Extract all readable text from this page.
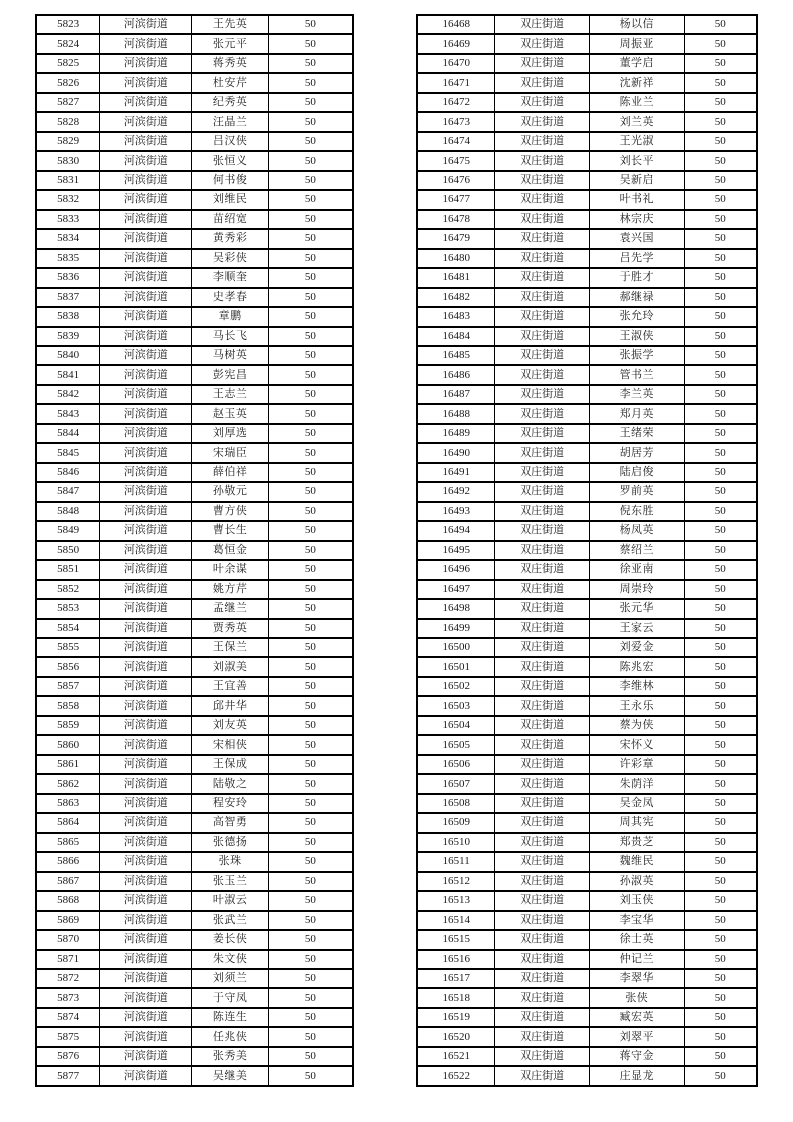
5823	河滨街道	王先英	50
5824	河滨街道	张元平	50
5825	河滨街道	蒋秀英	50
5826	河滨街道	杜安芹	50
5827	河滨街道	纪秀英	50
5828	河滨街道	汪晶兰	50
5829	河滨街道	吕汉侠	50
5830	河滨街道	张恒义	50
5831	河滨街道	何书俊	50
5832	河滨街道	刘维民	50
5833	河滨街道	苗绍宽	50
5834	河滨街道	黄秀彩	50
5835	河滨街道	吴彩侠	50
5836	河滨街道	李顺奎	50
5837	河滨街道	史孝春	50
5838	河滨街道	章鹏	50
5839	河滨街道	马长飞	50
5840	河滨街道	马树英	50
5841	河滨街道	彭宪昌	50
5842	河滨街道	王志兰	50
5843	河滨街道	赵玉英	50
5844	河滨街道	刘厚选	50
5845	河滨街道	宋瑞臣	50
5846	河滨街道	薛伯祥	50
5847	河滨街道	孙敬元	50
5848	河滨街道	曹方侠	50
5849	河滨街道	曹长生	50
5850	河滨街道	葛恒金	50
5851	河滨街道	叶余谋	50
5852	河滨街道	姚方芹	50
5853	河滨街道	孟继兰	50
5854	河滨街道	贾秀英	50
5855	河滨街道	王保兰	50
5856	河滨街道	刘淑美	50
5857	河滨街道	王宜善	50
5858	河滨街道	邱井华	50
5859	河滨街道	刘友英	50
5860	河滨街道	宋相侠	50
5861	河滨街道	王保成	50
5862	河滨街道	陆敬之	50
5863	河滨街道	程安玲	50
5864	河滨街道	高智勇	50
5865	河滨街道	张德扬	50
5866	河滨街道	张珠	50
5867	河滨街道	张玉兰	50
5868	河滨街道	叶淑云	50
5869	河滨街道	张武兰	50
5870	河滨街道	姜长侠	50
5871	河滨街道	朱文侠	50
5872	河滨街道	刘须兰	50
5873	河滨街道	于守凤	50
5874	河滨街道	陈连生	50
5875	河滨街道	任兆侠	50
5876	河滨街道	张秀美	50
5877	河滨街道	吴继美	50
16468	双庄街道	杨以信	50
16469	双庄街道	周振亚	50
16470	双庄街道	董学启	50
16471	双庄街道	沈新祥	50
16472	双庄街道	陈业兰	50
16473	双庄街道	刘兰英	50
16474	双庄街道	王光淑	50
16475	双庄街道	刘长平	50
16476	双庄街道	吴新启	50
16477	双庄街道	叶书礼	50
16478	双庄街道	林宗庆	50
16479	双庄街道	袁兴国	50
16480	双庄街道	吕先学	50
16481	双庄街道	于胜才	50
16482	双庄街道	郝继禄	50
16483	双庄街道	张允玲	50
16484	双庄街道	王淑侠	50
16485	双庄街道	张振学	50
16486	双庄街道	管书兰	50
16487	双庄街道	李兰英	50
16488	双庄街道	郑月英	50
16489	双庄街道	王绪荣	50
16490	双庄街道	胡居芳	50
16491	双庄街道	陆启俊	50
16492	双庄街道	罗前英	50
16493	双庄街道	倪东胜	50
16494	双庄街道	杨凤英	50
16495	双庄街道	蔡绍兰	50
16496	双庄街道	徐亚南	50
16497	双庄街道	周崇玲	50
16498	双庄街道	张元华	50
16499	双庄街道	王家云	50
16500	双庄街道	刘爱金	50
16501	双庄街道	陈兆宏	50
16502	双庄街道	李维林	50
16503	双庄街道	王永乐	50
16504	双庄街道	蔡为侠	50
16505	双庄街道	宋怀义	50
16506	双庄街道	许彩章	50
16507	双庄街道	朱荫洋	50
16508	双庄街道	吴金凤	50
16509	双庄街道	周其宪	50
16510	双庄街道	郑贵芝	50
16511	双庄街道	魏维民	50
16512	双庄街道	孙淑英	50
16513	双庄街道	刘玉侠	50
16514	双庄街道	李宝华	50
16515	双庄街道	徐士英	50
16516	双庄街道	仲记兰	50
16517	双庄街道	李翠华	50
16518	双庄街道	张侠	50
16519	双庄街道	臧宏英	50
16520	双庄街道	刘翠平	50
16521	双庄街道	蒋守金	50
16522	双庄街道	庄显龙	50
